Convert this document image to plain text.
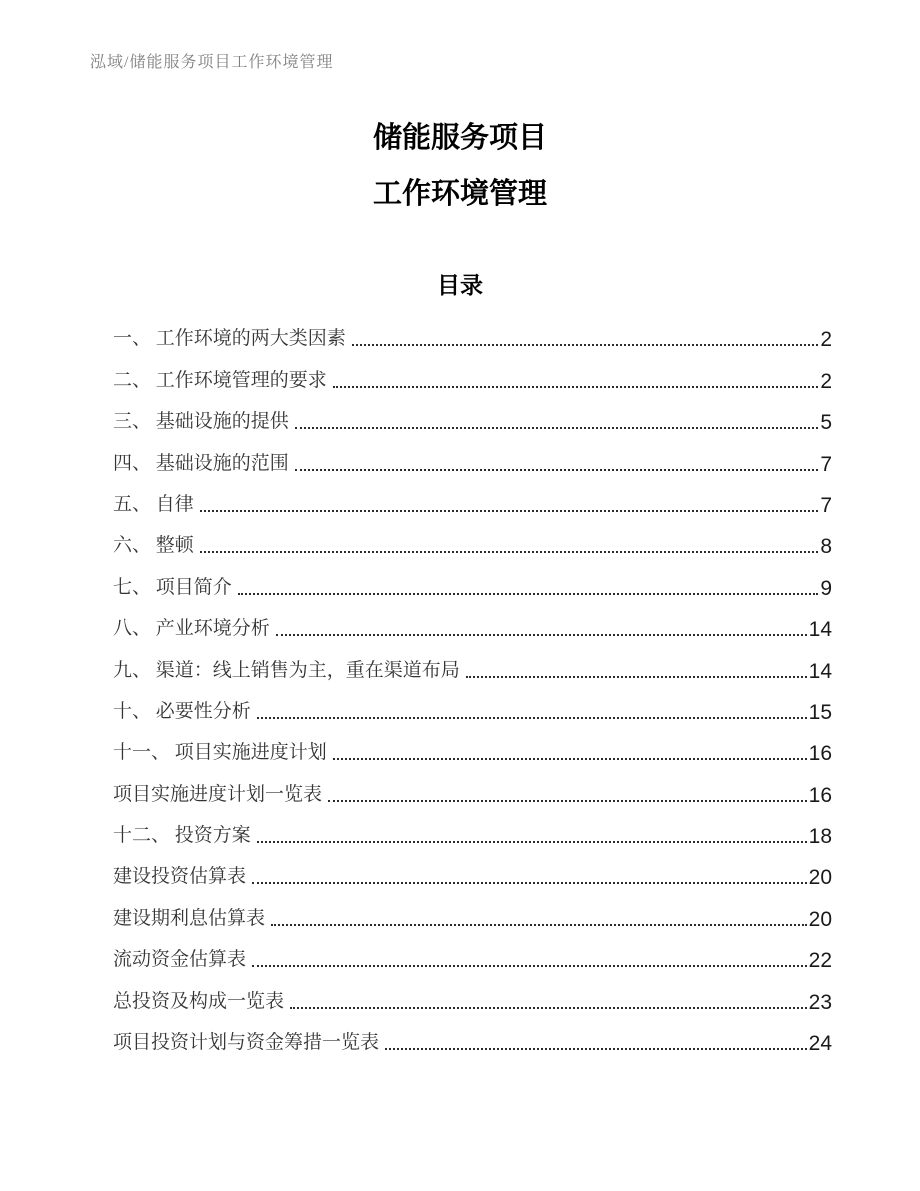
泓域/储能服务项目工作环境管理
储能服务项目
工作环境管理
目录
一、 工作环境的两大类因素	2
二、 工作环境管理的要求	2
三、 基础设施的提供	5
四、 基础设施的范围	7
五、 自律	7
六、 整顿	8
七、 项目简介	9
八、 产业环境分析	14
九、 渠道：线上销售为主，重在渠道布局	14
十、 必要性分析	15
十一、 项目实施进度计划	16
项目实施进度计划一览表	16
十二、 投资方案	18
建设投资估算表	20
建设期利息估算表	20
流动资金估算表	22
总投资及构成一览表	23
项目投资计划与资金筹措一览表	24
